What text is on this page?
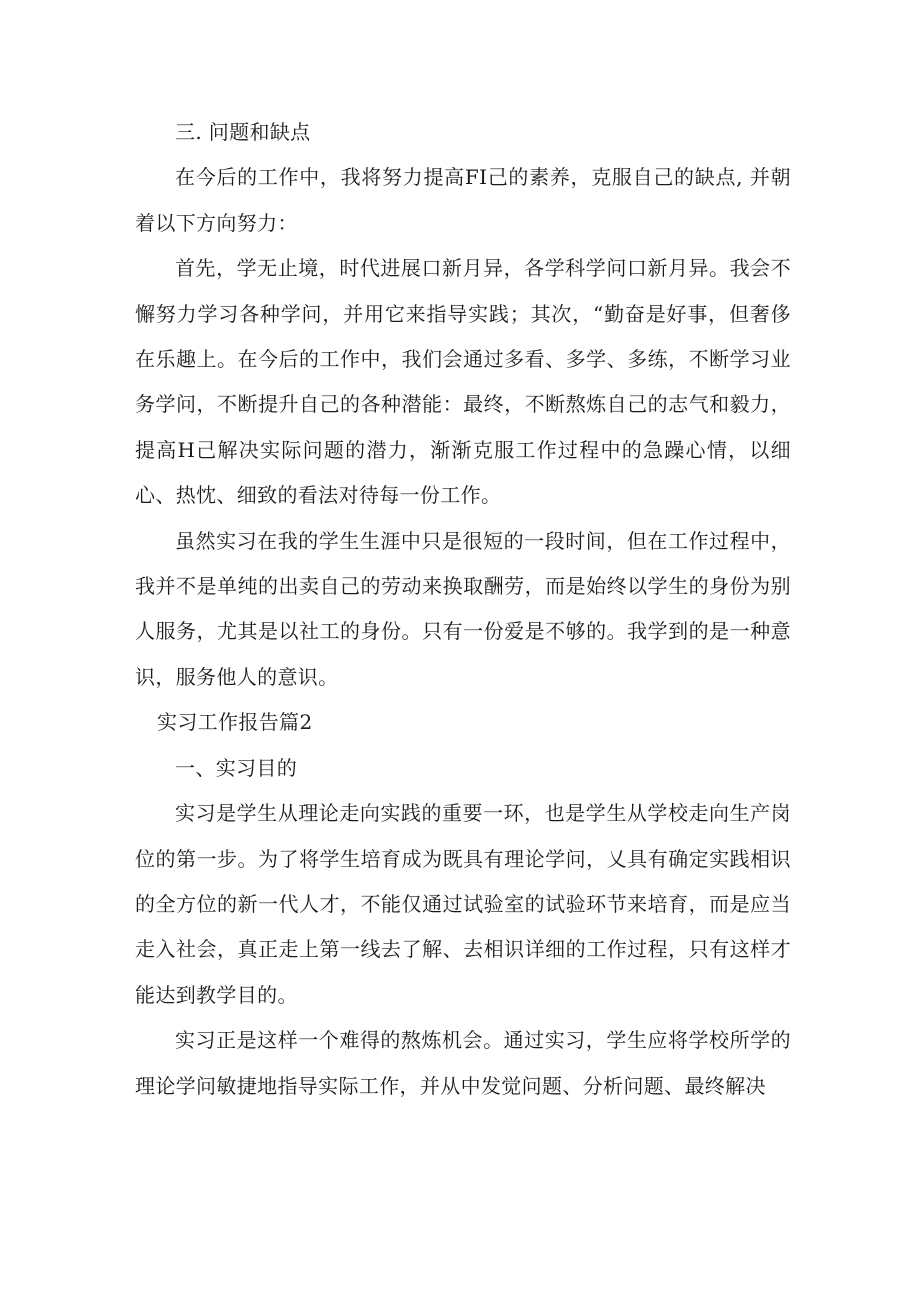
三. 问题和缺点

在今后的工作中，我将努力提高FI己的素养，克服自己的缺点, 并朝着以下方向努力：

首先，学无止境，时代进展口新月异，各学科学问口新月异。我会不懈努力学习各种学问，并用它来指导实践；其次，“勤奋是好事，但奢侈在乐趣上。在今后的工作中，我们会通过多看、多学、多练，不断学习业务学问，不断提升自己的各种潜能：最终，不断熬炼自己的志气和毅力，提高H己解决实际问题的潜力，渐渐克服工作过程中的急躁心情，以细心、热忱、细致的看法对待每一份工作。

虽然实习在我的学生生涯中只是很短的一段时间，但在工作过程中，我并不是单纯的出卖自己的劳动来换取酬劳，而是始终以学生的身份为别人服务，尤其是以社工的身份。只有一份爱是不够的。我学到的是一种意识，服务他人的意识。

实习工作报告篇2

一、实习目的

实习是学生从理论走向实践的重要一环，也是学生从学校走向生产岗位的第一步。为了将学生培育成为既具有理论学问，乂具有确定实践相识的全方位的新一代人才，不能仅通过试验室的试验环节来培育，而是应当走入社会，真正走上第一线去了解、去相识详细的工作过程，只有这样才能达到教学目的。

实习正是这样一个难得的熬炼机会。通过实习，学生应将学校所学的理论学问敏捷地指导实际工作，并从中发觉问题、分析问题、最终解决
